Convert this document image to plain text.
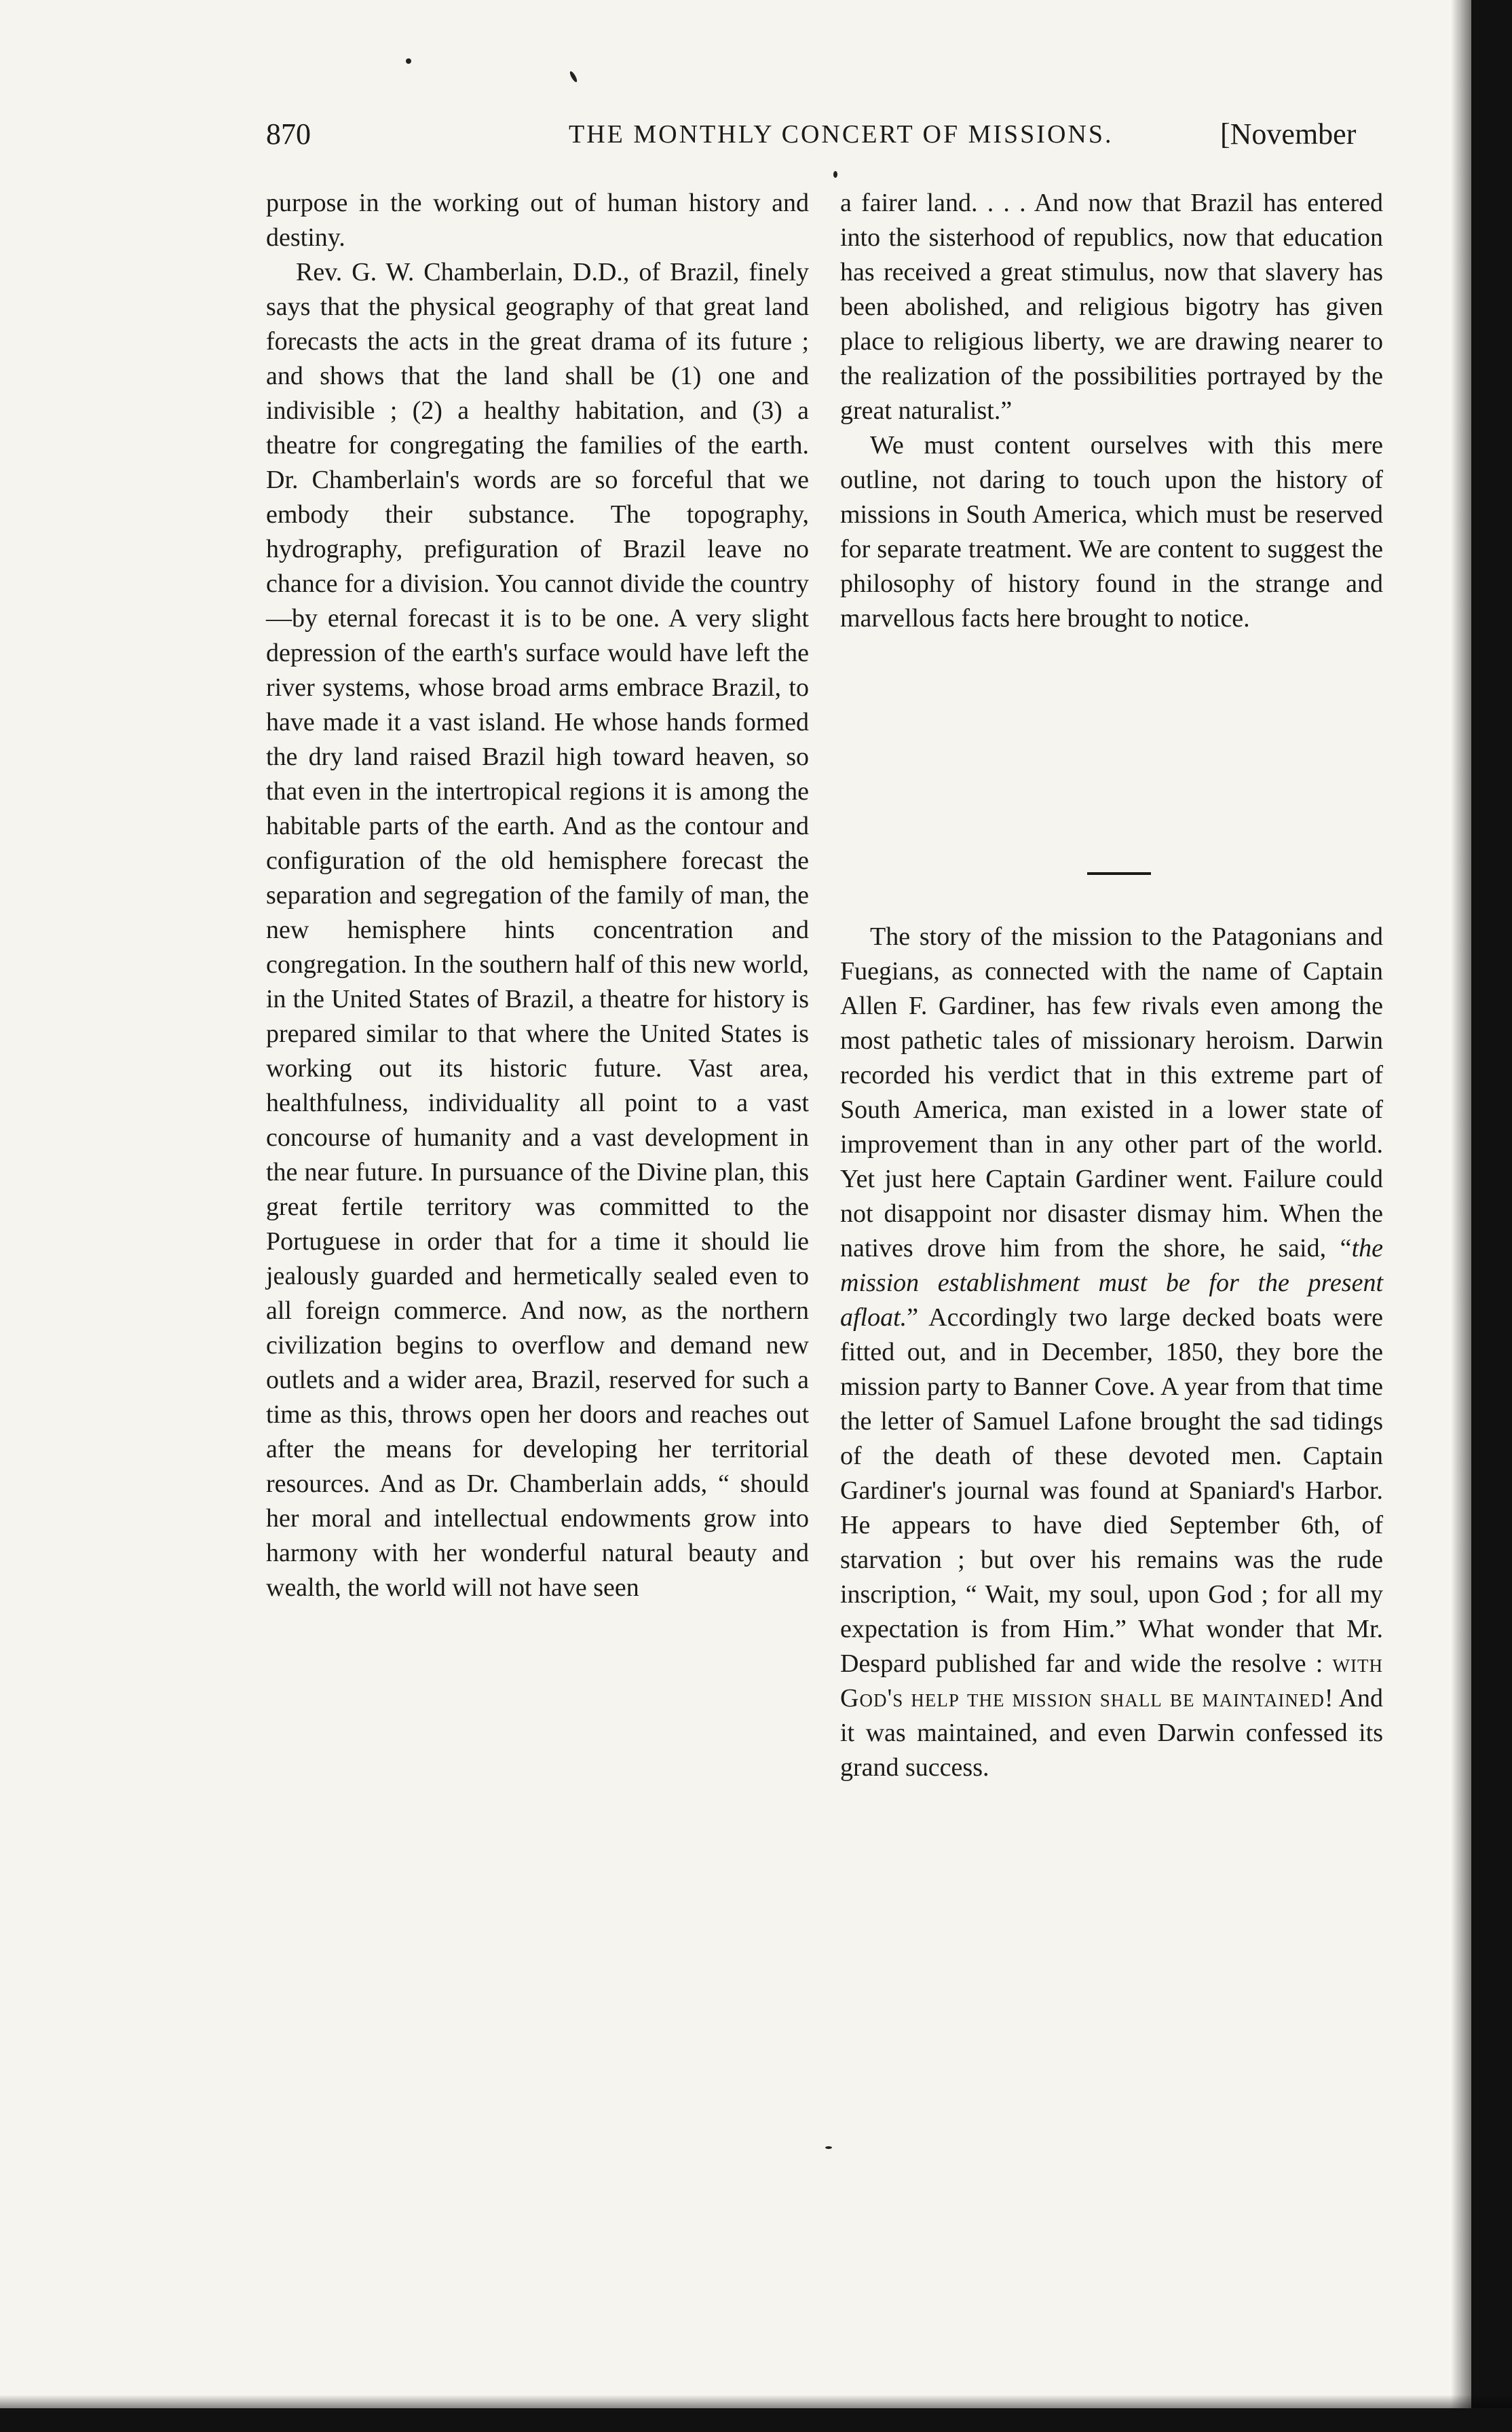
870	THE MONTHLY CONCERT OF MISSIONS.	[November

purpose in the working out of human history and destiny.

Rev. G. W. Chamberlain, D.D., of Brazil, finely says that the physical geography of that great land forecasts the acts in the great drama of its future ; and shows that the land shall be (1) one and indivisible ; (2) a healthy habitation, and (3) a theatre for congregating the families of the earth. Dr. Chamberlain's words are so forceful that we embody their substance. The topography, hydrography, prefiguration of Brazil leave no chance for a division. You cannot divide the country—by eternal forecast it is to be one. A very slight depression of the earth's surface would have left the river systems, whose broad arms embrace Brazil, to have made it a vast island. He whose hands formed the dry land raised Brazil high toward heaven, so that even in the intertropical regions it is among the habitable parts of the earth. And as the contour and configuration of the old hemisphere forecast the separation and segregation of the family of man, the new hemisphere hints concentration and congregation. In the southern half of this new world, in the United States of Brazil, a theatre for history is prepared similar to that where the United States is working out its historic future. Vast area, healthfulness, individuality all point to a vast concourse of humanity and a vast development in the near future. In pursuance of the Divine plan, this great fertile territory was committed to the Portuguese in order that for a time it should lie jealously guarded and hermetically sealed even to all foreign commerce. And now, as the northern civilization begins to overflow and demand new outlets and a wider area, Brazil, reserved for such a time as this, throws open her doors and reaches out after the means for developing her territorial resources. And as Dr. Chamberlain adds, “ should her moral and intellectual endowments grow into harmony with her wonderful natural beauty and wealth, the world will not have seen

a fairer land. . . . And now that Brazil has entered into the sisterhood of republics, now that education has received a great stimulus, now that slavery has been abolished, and religious bigotry has given place to religious liberty, we are drawing nearer to the realization of the possibilities portrayed by the great naturalist.”

We must content ourselves with this mere outline, not daring to touch upon the history of missions in South America, which must be reserved for separate treatment. We are content to suggest the philosophy of history found in the strange and marvellous facts here brought to notice.

The story of the mission to the Patagonians and Fuegians, as connected with the name of Captain Allen F. Gardiner, has few rivals even among the most pathetic tales of missionary heroism. Darwin recorded his verdict that in this extreme part of South America, man existed in a lower state of improvement than in any other part of the world. Yet just here Captain Gardiner went. Failure could not disappoint nor disaster dismay him. When the natives drove him from the shore, he said, “the mission establishment must be for the present afloat.” Accordingly two large decked boats were fitted out, and in December, 1850, they bore the mission party to Banner Cove. A year from that time the letter of Samuel Lafone brought the sad tidings of the death of these devoted men. Captain Gardiner's journal was found at Spaniard's Harbor. He appears to have died September 6th, of starvation ; but over his remains was the rude inscription, “ Wait, my soul, upon God ; for all my expectation is from Him.” What wonder that Mr. Despard published far and wide the resolve : with God's help the mission shall be maintained! And it was maintained, and even Darwin confessed its grand success.
